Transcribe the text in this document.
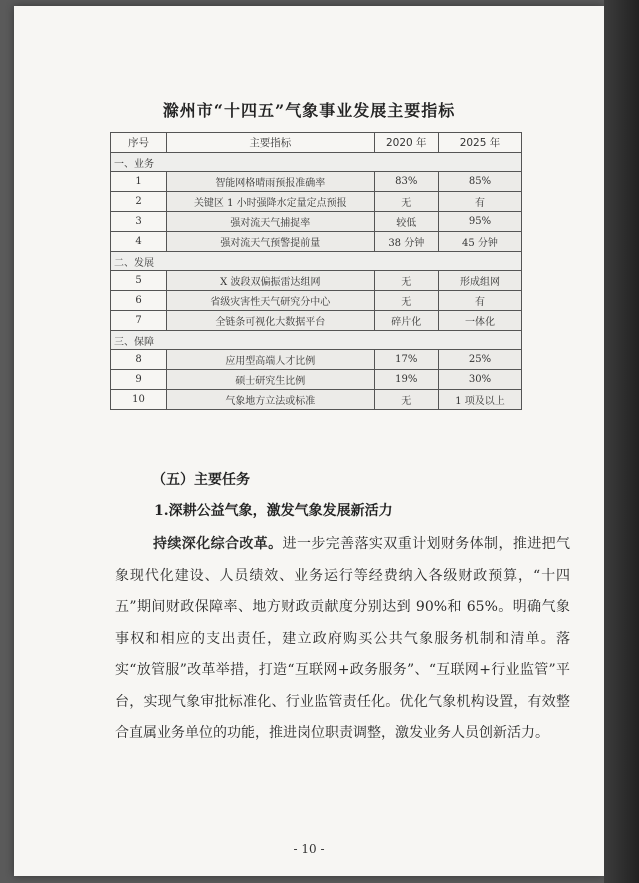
滁州市“十四五”气象事业发展主要指标
序号	主要指标	2020 年	2025 年
一、业务			
1	智能网格晴雨预报准确率	83%	85%
2	关键区 1 小时强降水定量定点预报	无	有
3	强对流天气捕捉率	较低	95%
4	强对流天气预警提前量	38 分钟	45 分钟
二、发展			
5	X 波段双偏振雷达组网	无	形成组网
6	省级灾害性天气研究分中心	无	有
7	全链条可视化大数据平台	碎片化	一体化
三、保障			
8	应用型高端人才比例	17%	25%
9	硕士研究生比例	19%	30%
10	气象地方立法或标准	无	1 项及以上
（五）主要任务
1.深耕公益气象，激发气象发展新活力
持续深化综合改革。进一步完善落实双重计划财务体制，推进把气象现代化建设、人员绩效、业务运行等经费纳入各级财政预算，“十四五”期间财政保障率、地方财政贡献度分别达到 90%和 65%。明确气象事权和相应的支出责任，建立政府购买公共气象服务机制和清单。落实“放管服”改革举措，打造“互联网+政务服务”、“互联网+行业监管”平台，实现气象审批标准化、行业监管责任化。优化气象机构设置，有效整合直属业务单位的功能，推进岗位职责调整，激发业务人员创新活力。
- 10 -
